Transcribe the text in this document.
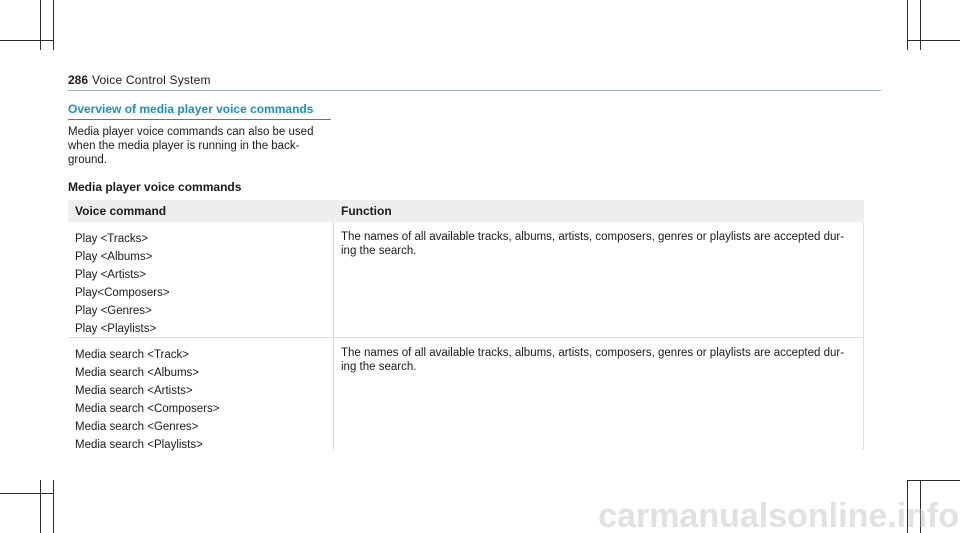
286 Voice Control System
Overview of media player voice commands
Media player voice commands can also be used when the media player is running in the back-ground.
Media player voice commands
Voice command	Function
Play <Tracks>
Play <Albums>
Play <Artists>
Play<Composers>
Play <Genres>
Play <Playlists>
The names of all available tracks, albums, artists, composers, genres or playlists are accepted dur-ing the search.
Media search <Track>
Media search <Albums>
Media search <Artists>
Media search <Composers>
Media search <Genres>
Media search <Playlists>
The names of all available tracks, albums, artists, composers, genres or playlists are accepted dur-ing the search.
carmanualsonline.info
